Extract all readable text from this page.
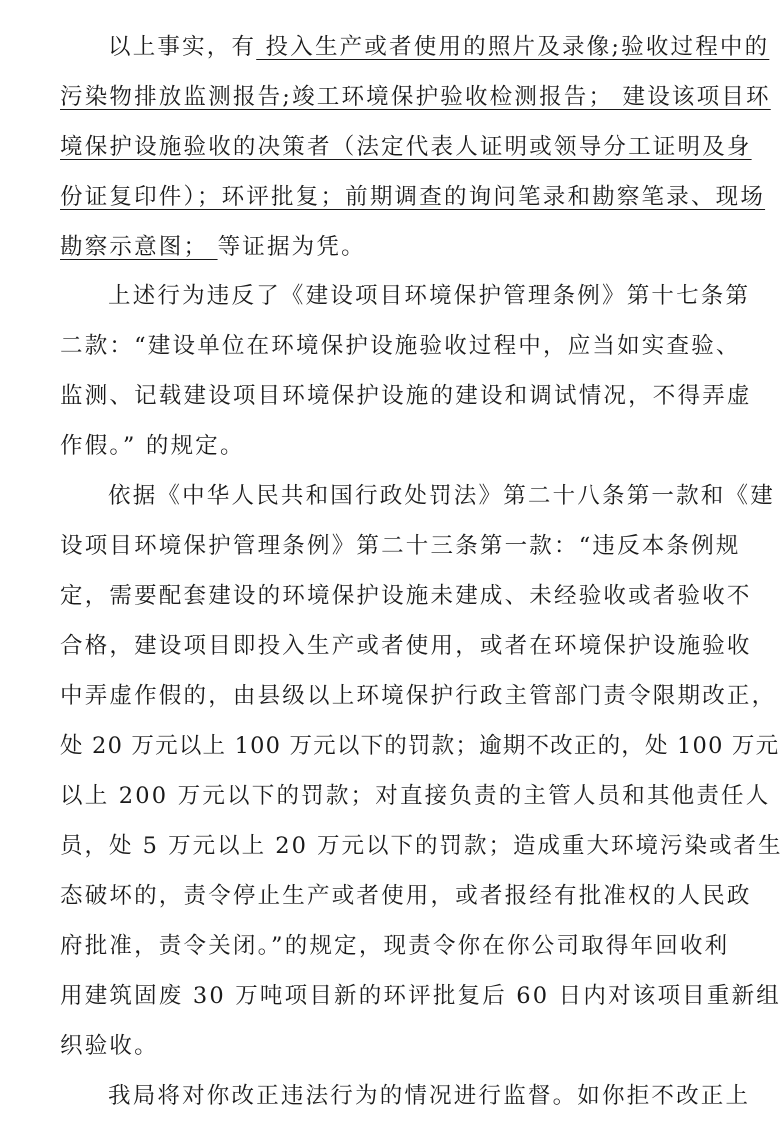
以上事实，有 投入生产或者使用的照片及录像;验收过程中的
污染物排放监测报告;竣工环境保护验收检测报告； 建设该项目环
境保护设施验收的决策者（法定代表人证明或领导分工证明及身
份证复印件）；环评批复；前期调查的询问笔录和勘察笔录、现场
勘察示意图； 等证据为凭。
上述行为违反了《建设项目环境保护管理条例》第十七条第
二款：“建设单位在环境保护设施验收过程中，应当如实查验、
监测、记载建设项目环境保护设施的建设和调试情况，不得弄虚
作假。” 的规定。
依据《中华人民共和国行政处罚法》第二十八条第一款和《建
设项目环境保护管理条例》第二十三条第一款：“违反本条例规
定，需要配套建设的环境保护设施未建成、未经验收或者验收不
合格，建设项目即投入生产或者使用，或者在环境保护设施验收
中弄虚作假的，由县级以上环境保护行政主管部门责令限期改正，
处 20 万元以上 100 万元以下的罚款；逾期不改正的，处 100 万元
以上 200 万元以下的罚款；对直接负责的主管人员和其他责任人
员，处 5 万元以上 20 万元以下的罚款；造成重大环境污染或者生
态破坏的，责令停止生产或者使用，或者报经有批准权的人民政
府批准，责令关闭。”的规定，现责令你在你公司取得年回收利
用建筑固废 30 万吨项目新的环评批复后 60 日内对该项目重新组
织验收。
我局将对你改正违法行为的情况进行监督。如你拒不改正上
